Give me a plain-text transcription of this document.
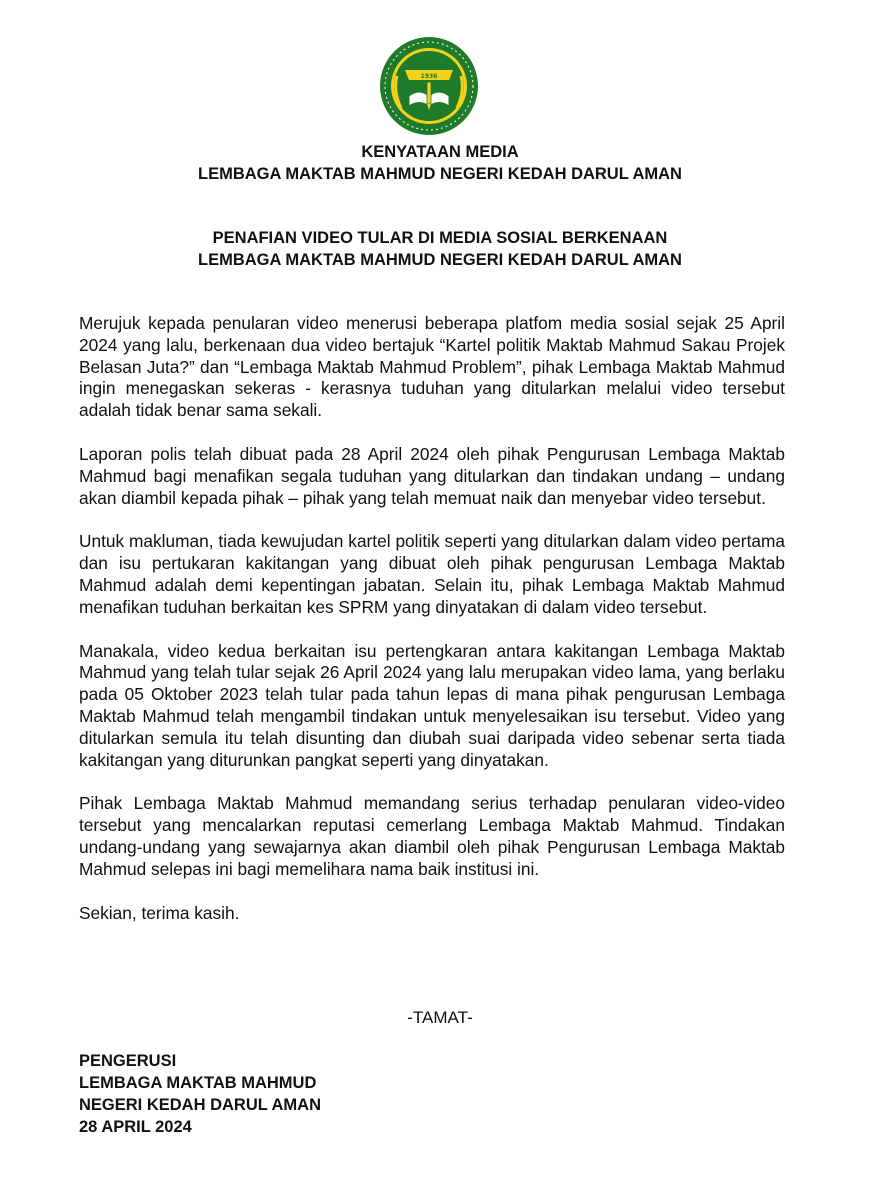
1936
KENYATAAN MEDIA
LEMBAGA MAKTAB MAHMUD NEGERI KEDAH DARUL AMAN
PENAFIAN VIDEO TULAR DI MEDIA SOSIAL BERKENAAN
LEMBAGA MAKTAB MAHMUD NEGERI KEDAH DARUL AMAN

Merujuk kepada penularan video menerusi beberapa platfom media sosial sejak 25 April 2024 yang lalu, berkenaan dua video bertajuk “Kartel politik Maktab Mahmud Sakau Projek Belasan Juta?” dan “Lembaga Maktab Mahmud Problem”, pihak Lembaga Maktab Mahmud ingin menegaskan sekeras - kerasnya tuduhan yang ditularkan melalui video tersebut adalah tidak benar sama sekali.

Laporan polis telah dibuat pada 28 April 2024 oleh pihak Pengurusan Lembaga Maktab Mahmud bagi menafikan segala tuduhan yang ditularkan dan tindakan undang – undang akan diambil kepada pihak – pihak yang telah memuat naik dan menyebar video tersebut.

Untuk makluman, tiada kewujudan kartel politik seperti yang ditularkan dalam video pertama dan isu pertukaran kakitangan yang dibuat oleh pihak pengurusan Lembaga Maktab Mahmud adalah demi kepentingan jabatan. Selain itu, pihak Lembaga Maktab Mahmud menafikan tuduhan berkaitan kes SPRM yang dinyatakan di dalam video tersebut.

Manakala, video kedua berkaitan isu pertengkaran antara kakitangan Lembaga Maktab Mahmud yang telah tular sejak 26 April 2024 yang lalu merupakan video lama, yang berlaku pada 05 Oktober 2023 telah tular pada tahun lepas di mana pihak pengurusan Lembaga Maktab Mahmud telah mengambil tindakan untuk menyelesaikan isu tersebut. Video yang ditularkan semula itu telah disunting dan diubah suai daripada video sebenar serta tiada kakitangan yang diturunkan pangkat seperti yang dinyatakan.

Pihak Lembaga Maktab Mahmud memandang serius terhadap penularan video-video tersebut yang mencalarkan reputasi cemerlang Lembaga Maktab Mahmud. Tindakan undang-undang yang sewajarnya akan diambil oleh pihak Pengurusan Lembaga Maktab Mahmud selepas ini bagi memelihara nama baik institusi ini.

Sekian, terima kasih.

-TAMAT-
PENGERUSI
LEMBAGA MAKTAB MAHMUD
NEGERI KEDAH DARUL AMAN
28 APRIL 2024
